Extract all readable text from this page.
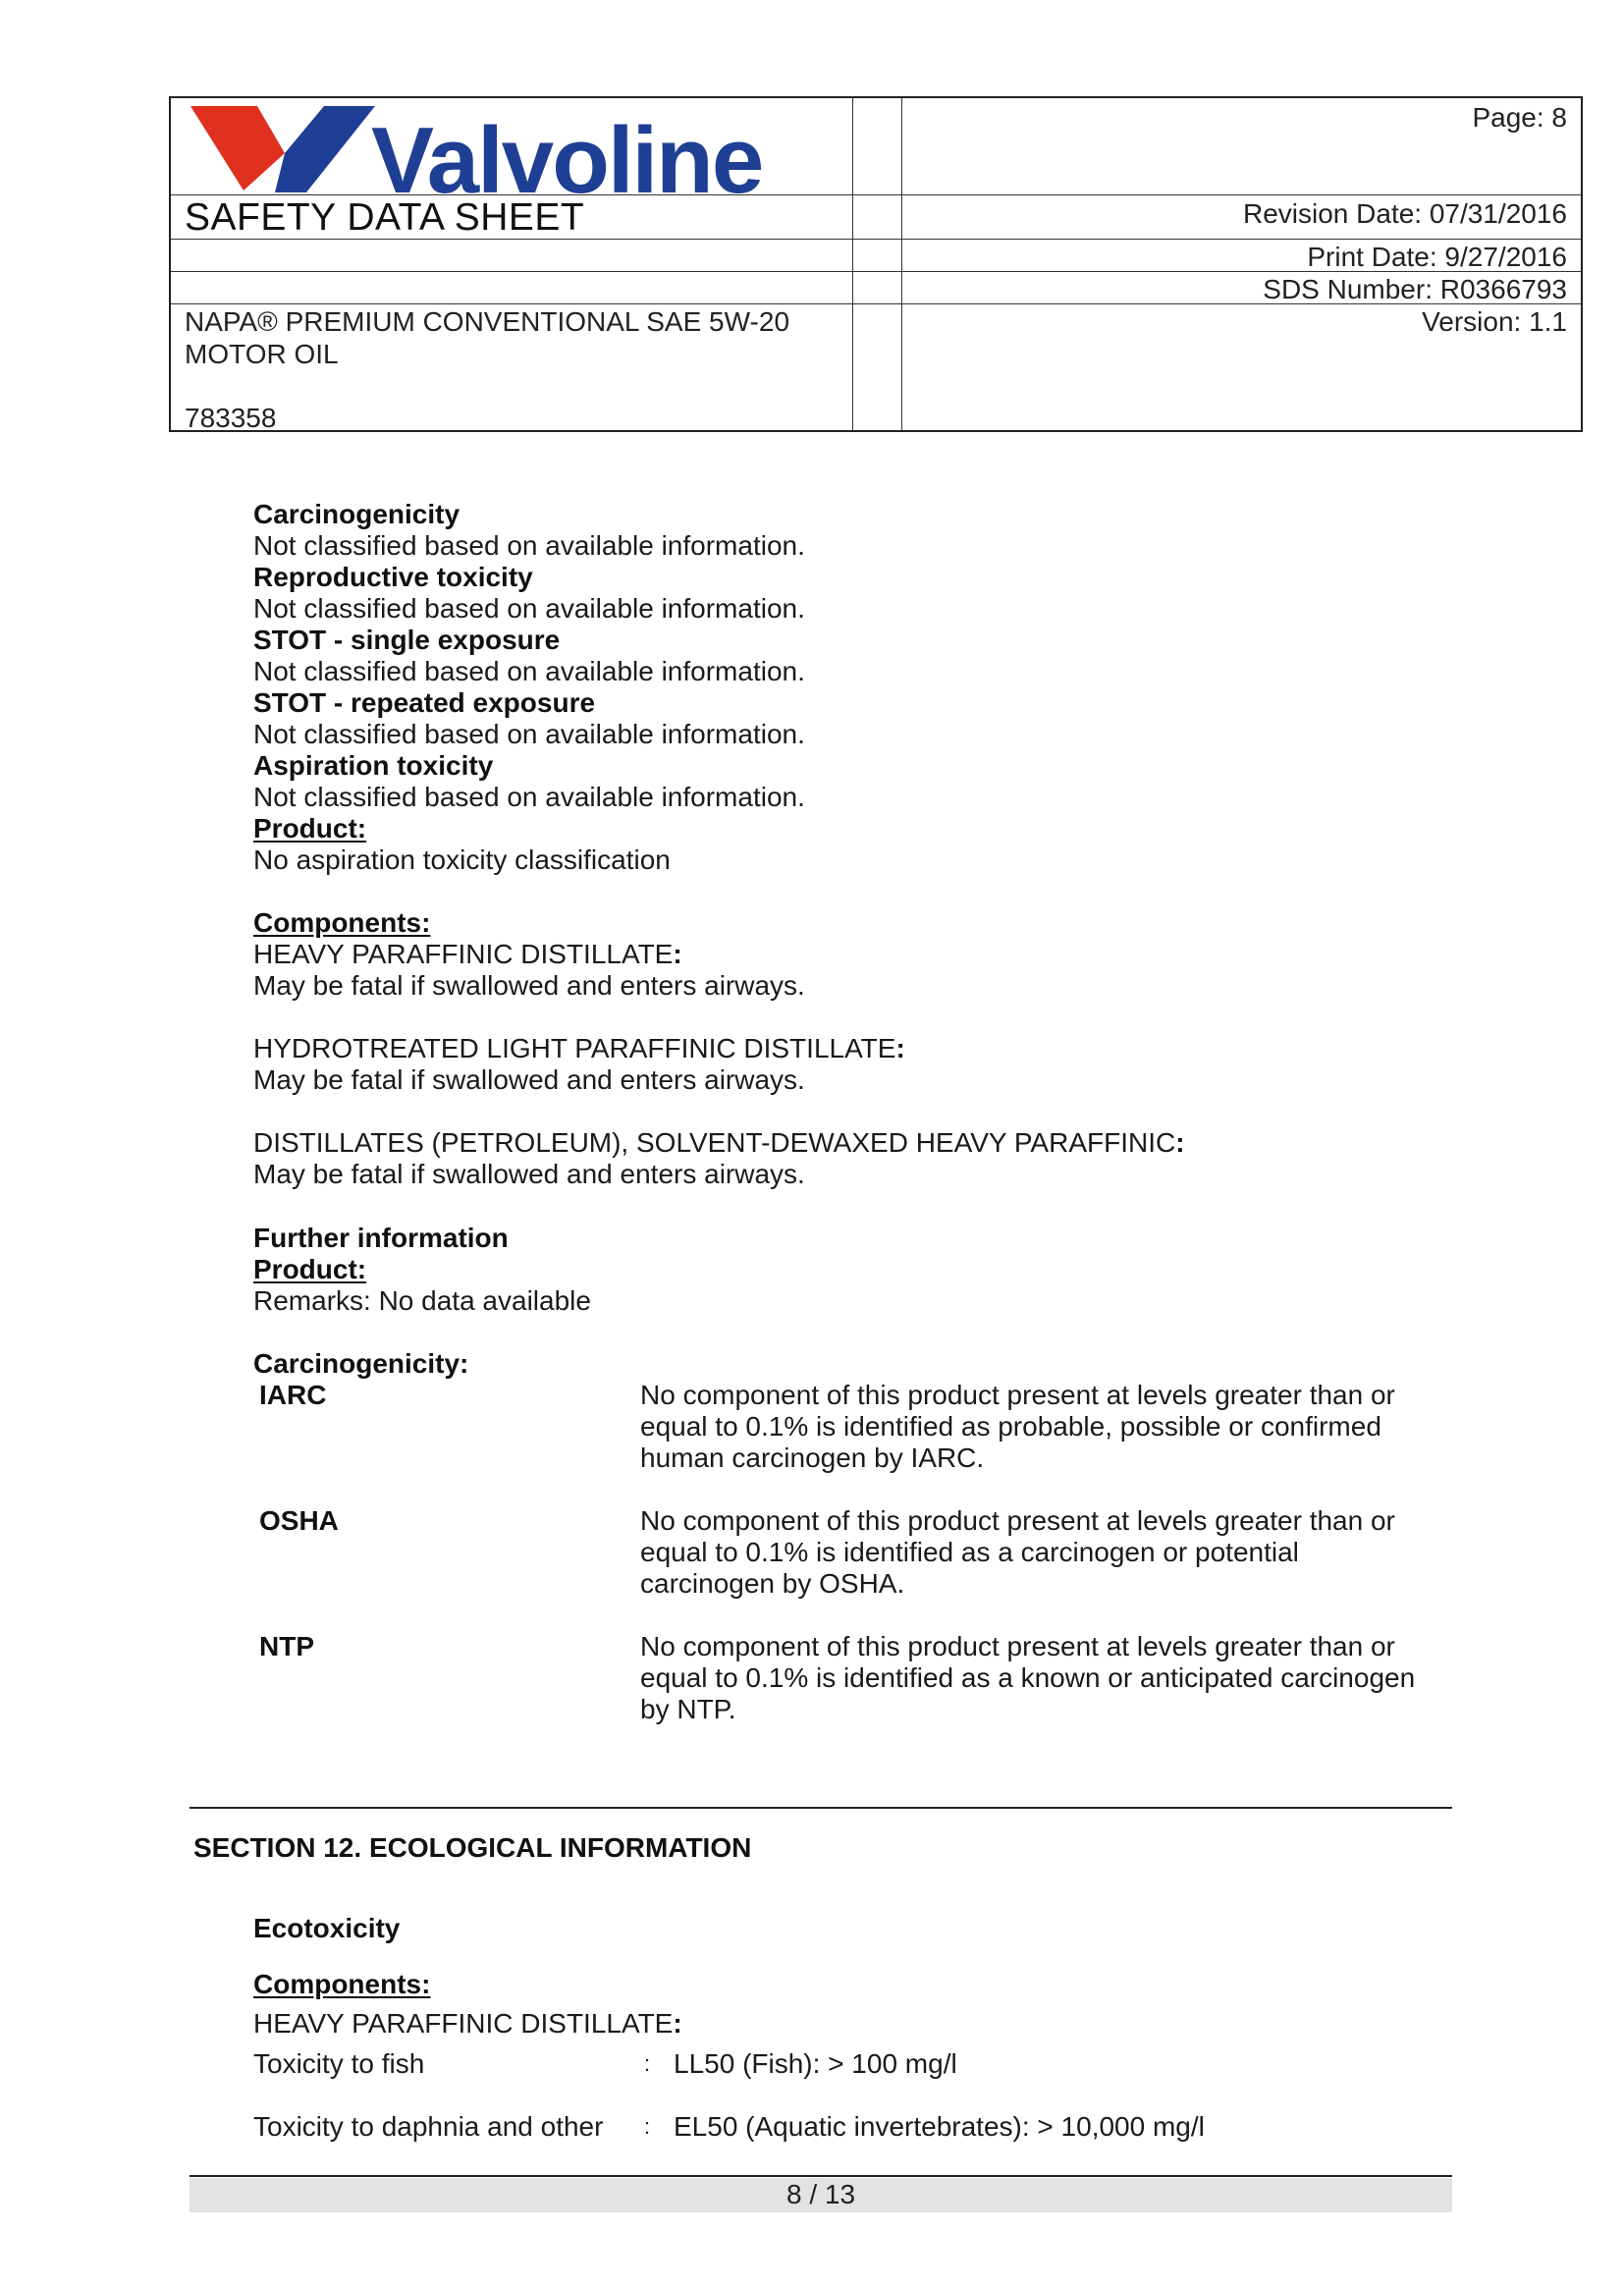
Valvoline
SAFETY DATA SHEET
Page: 8
Revision Date: 07/31/2016
Print Date: 9/27/2016
SDS Number: R0366793
Version: 1.1
NAPA® PREMIUM CONVENTIONAL SAE 5W-20
MOTOR OIL
783358
Carcinogenicity
Not classified based on available information.
Reproductive toxicity
Not classified based on available information.
STOT - single exposure
Not classified based on available information.
STOT - repeated exposure
Not classified based on available information.
Aspiration toxicity
Not classified based on available information.
Product:
No aspiration toxicity classification
Components:
HEAVY PARAFFINIC DISTILLATE:
May be fatal if swallowed and enters airways.
HYDROTREATED LIGHT PARAFFINIC DISTILLATE:
May be fatal if swallowed and enters airways.
DISTILLATES (PETROLEUM), SOLVENT-DEWAXED HEAVY PARAFFINIC:
May be fatal if swallowed and enters airways.
Further information
Product:
Remarks: No data available
Carcinogenicity:
IARC	No component of this product present at levels greater than or
equal to 0.1% is identified as probable, possible or confirmed
human carcinogen by IARC.
OSHA	No component of this product present at levels greater than or
equal to 0.1% is identified as a carcinogen or potential
carcinogen by OSHA.
NTP	No component of this product present at levels greater than or
equal to 0.1% is identified as a known or anticipated carcinogen
by NTP.
SECTION 12. ECOLOGICAL INFORMATION
Ecotoxicity
Components:
HEAVY PARAFFINIC DISTILLATE:
Toxicity to fish	: LL50 (Fish): > 100 mg/l
Toxicity to daphnia and other : EL50 (Aquatic invertebrates): > 10,000 mg/l
8 / 13
